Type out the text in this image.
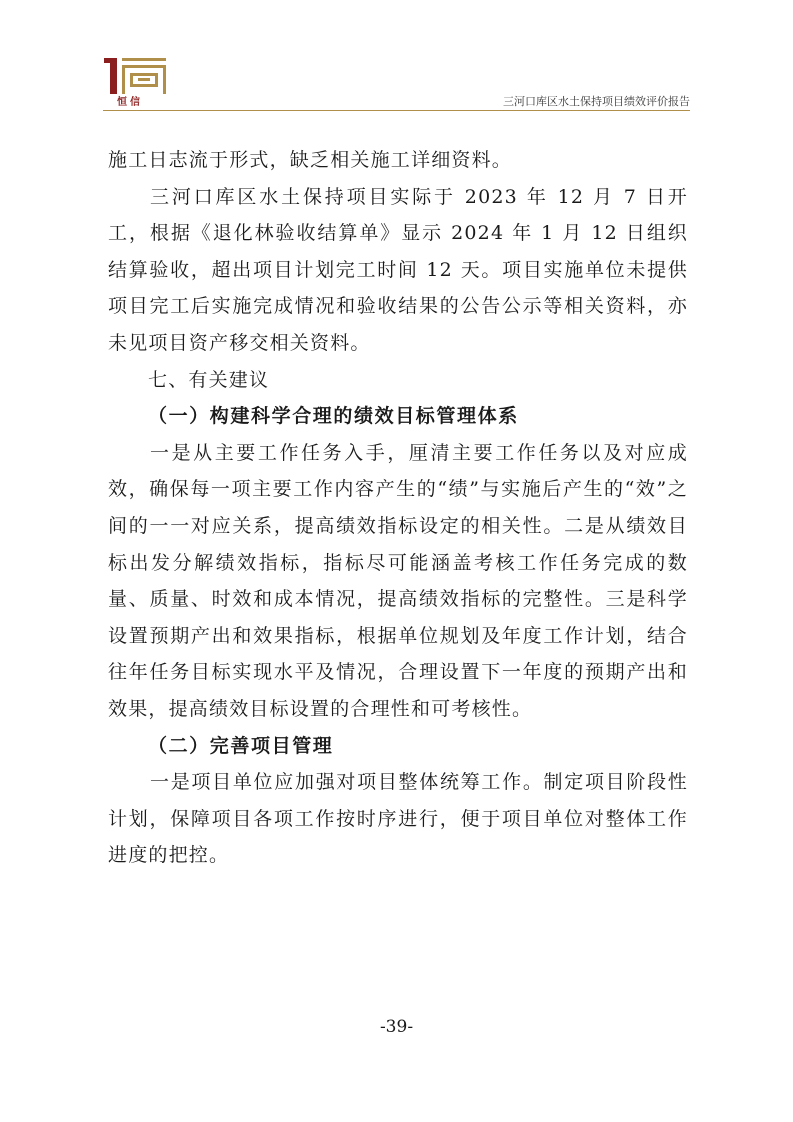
恒信	三河口库区水土保持项目绩效评价报告

施工日志流于形式，缺乏相关施工详细资料。

三河口库区水土保持项目实际于 2023 年 12 月 7 日开工，根据《退化林验收结算单》显示 2024 年 1 月 12 日组织结算验收，超出项目计划完工时间 12 天。项目实施单位未提供项目完工后实施完成情况和验收结果的公告公示等相关资料，亦未见项目资产移交相关资料。

七、有关建议

（一）构建科学合理的绩效目标管理体系

一是从主要工作任务入手，厘清主要工作任务以及对应成效，确保每一项主要工作内容产生的“绩”与实施后产生的“效”之间的一一对应关系，提高绩效指标设定的相关性。二是从绩效目标出发分解绩效指标，指标尽可能涵盖考核工作任务完成的数量、质量、时效和成本情况，提高绩效指标的完整性。三是科学设置预期产出和效果指标，根据单位规划及年度工作计划，结合往年任务目标实现水平及情况，合理设置下一年度的预期产出和效果，提高绩效目标设置的合理性和可考核性。

（二）完善项目管理

一是项目单位应加强对项目整体统筹工作。制定项目阶段性计划，保障项目各项工作按时序进行，便于项目单位对整体工作进度的把控。

-39-
